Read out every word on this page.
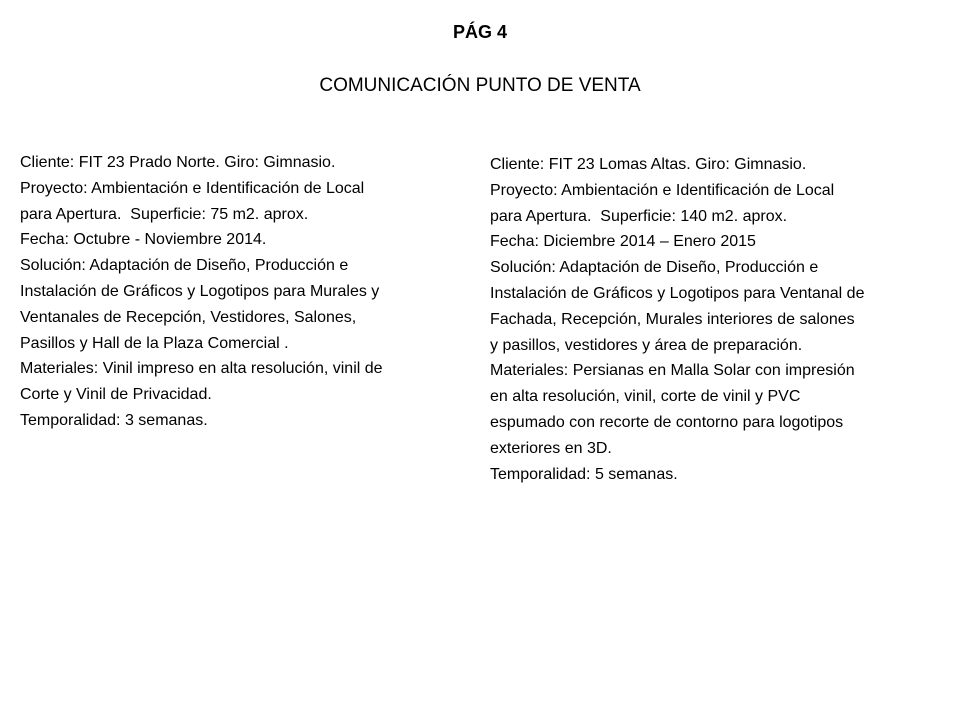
PÁG 4
COMUNICACIÓN PUNTO DE VENTA

Cliente: FIT 23 Prado Norte. Giro: Gimnasio.

Proyecto: Ambientación e Identificación de Local

para Apertura.  Superficie: 75 m2. aprox.

Fecha: Octubre - Noviembre 2014.

Solución: Adaptación de Diseño, Producción e

Instalación de Gráficos y Logotipos para Murales y

Ventanales de Recepción, Vestidores, Salones,

Pasillos y Hall de la Plaza Comercial .

Materiales: Vinil impreso en alta resolución, vinil de

Corte y Vinil de Privacidad.

Temporalidad: 3 semanas.

Cliente: FIT 23 Lomas Altas. Giro: Gimnasio.

Proyecto: Ambientación e Identificación de Local

para Apertura.  Superficie: 140 m2. aprox.

Fecha: Diciembre 2014 – Enero 2015

Solución: Adaptación de Diseño, Producción e

Instalación de Gráficos y Logotipos para Ventanal de

Fachada, Recepción, Murales interiores de salones

y pasillos, vestidores y área de preparación.

Materiales: Persianas en Malla Solar con impresión

en alta resolución, vinil, corte de vinil y PVC

espumado con recorte de contorno para logotipos

exteriores en 3D.

Temporalidad: 5 semanas.
